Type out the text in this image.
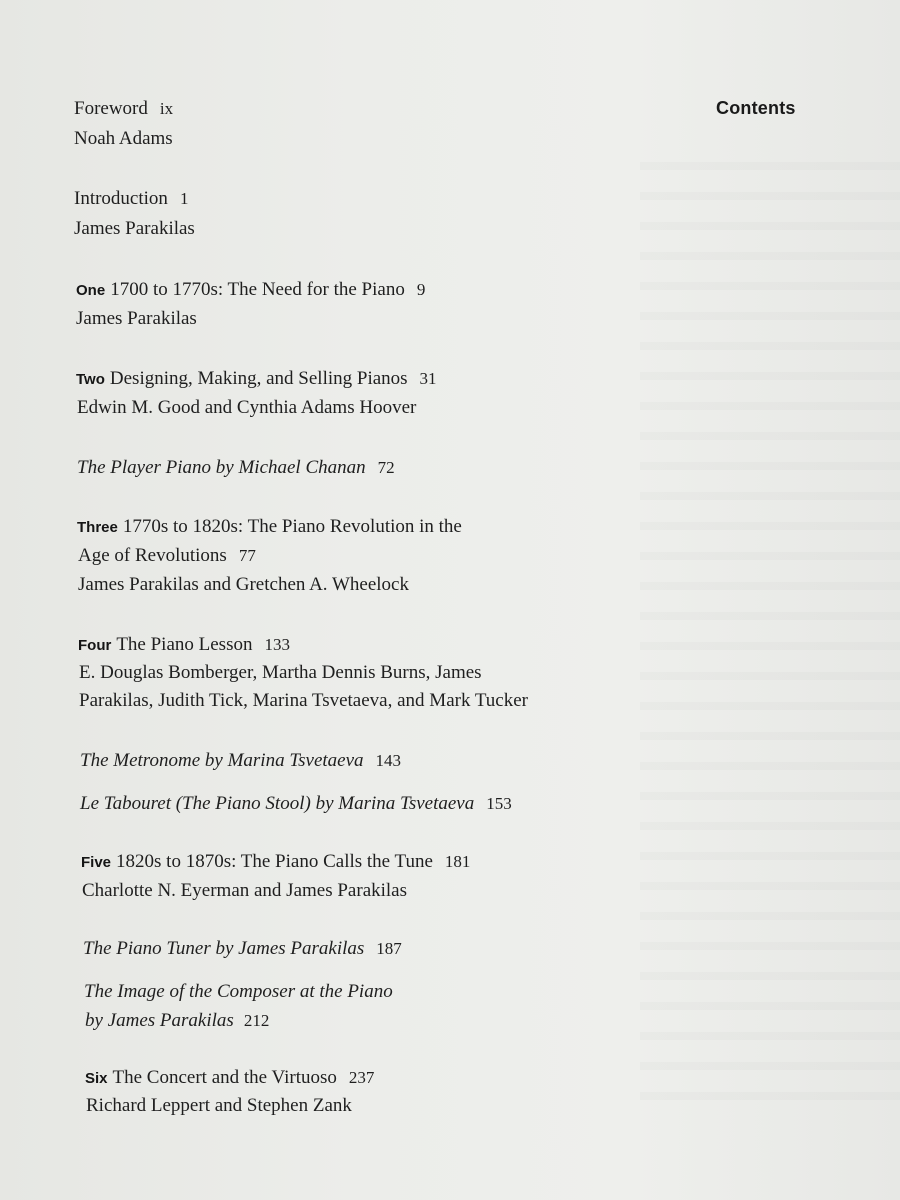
Contents
Foreword ix
Noah Adams
Introduction 1
James Parakilas
One 1700 to 1770s: The Need for the Piano 9
James Parakilas
Two Designing, Making, and Selling Pianos 31
Edwin M. Good and Cynthia Adams Hoover
The Player Piano by Michael Chanan 72
Three 1770s to 1820s: The Piano Revolution in the
Age of Revolutions 77
James Parakilas and Gretchen A. Wheelock
Four The Piano Lesson 133
E. Douglas Bomberger, Martha Dennis Burns, James
Parakilas, Judith Tick, Marina Tsvetaeva, and Mark Tucker
The Metronome by Marina Tsvetaeva 143
Le Tabouret (The Piano Stool) by Marina Tsvetaeva 153
Five 1820s to 1870s: The Piano Calls the Tune 181
Charlotte N. Eyerman and James Parakilas
The Piano Tuner by James Parakilas 187
The Image of the Composer at the Piano
by James Parakilas 212
Six The Concert and the Virtuoso 237
Richard Leppert and Stephen Zank
